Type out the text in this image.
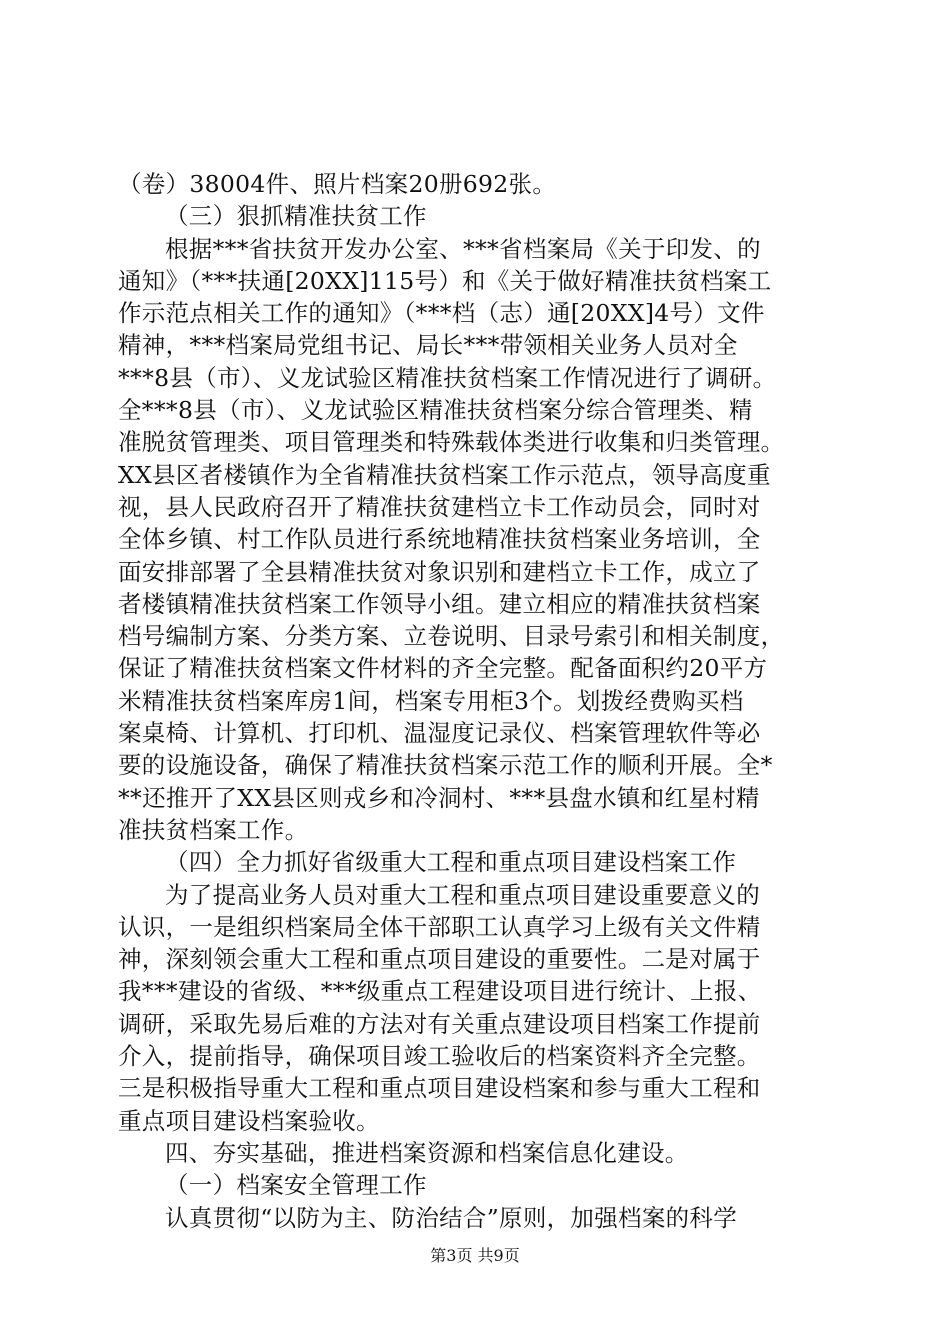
（卷）38004件、照片档案20册692张。
（三）狠抓精准扶贫工作
根据***省扶贫开发办公室、***省档案局《关于印发、的
通知》（***扶通[20XX]115号）和《关于做好精准扶贫档案工
作示范点相关工作的通知》（***档（志）通[20XX]4号）文件
精神，***档案局党组书记、局长***带领相关业务人员对全
***8县（市）、义龙试验区精准扶贫档案工作情况进行了调研。
全***8县（市）、义龙试验区精准扶贫档案分综合管理类、精
准脱贫管理类、项目管理类和特殊载体类进行收集和归类管理。
XX县区者楼镇作为全省精准扶贫档案工作示范点，领导高度重
视，县人民政府召开了精准扶贫建档立卡工作动员会，同时对
全体乡镇、村工作队员进行系统地精准扶贫档案业务培训，全
面安排部署了全县精准扶贫对象识别和建档立卡工作，成立了
者楼镇精准扶贫档案工作领导小组。建立相应的精准扶贫档案
档号编制方案、分类方案、立卷说明、目录号索引和相关制度，
保证了精准扶贫档案文件材料的齐全完整。配备面积约20平方
米精准扶贫档案库房1间，档案专用柜3个。划拨经费购买档
案桌椅、计算机、打印机、温湿度记录仪、档案管理软件等必
要的设施设备，确保了精准扶贫档案示范工作的顺利开展。全*
**还推开了XX县区则戎乡和冷洞村、***县盘水镇和红星村精
准扶贫档案工作。
（四）全力抓好省级重大工程和重点项目建设档案工作
为了提高业务人员对重大工程和重点项目建设重要意义的
认识，一是组织档案局全体干部职工认真学习上级有关文件精
神，深刻领会重大工程和重点项目建设的重要性。二是对属于
我***建设的省级、***级重点工程建设项目进行统计、上报、
调研，采取先易后难的方法对有关重点建设项目档案工作提前
介入，提前指导，确保项目竣工验收后的档案资料齐全完整。
三是积极指导重大工程和重点项目建设档案和参与重大工程和
重点项目建设档案验收。
四、夯实基础，推进档案资源和档案信息化建设。
（一）档案安全管理工作
认真贯彻“以防为主、防治结合”原则，加强档案的科学
第3页 共9页
